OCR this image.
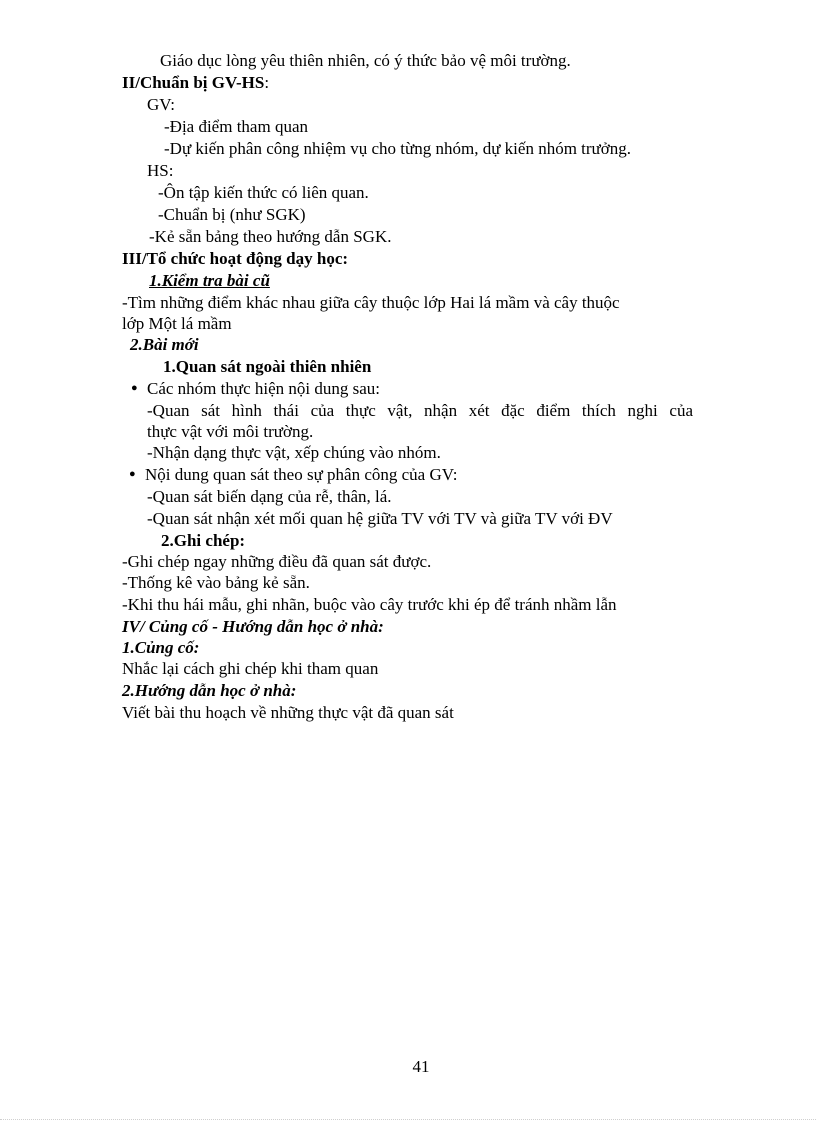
Giáo dục lòng yêu thiên nhiên, có ý thức bảo vệ môi trường.
II/Chuẩn bị GV-HS:
GV:
-Địa điểm tham quan
-Dự kiến phân công nhiệm vụ cho từng nhóm, dự kiến nhóm trưởng.
HS:
-Ôn tập kiến thức có liên quan.
-Chuẩn bị (như SGK)
-Kẻ sẵn bảng theo hướng dẫn SGK.
III/Tổ chức hoạt động dạy học:
1.Kiểm tra bài cũ
-Tìm những điểm khác nhau giữa cây thuộc lớp Hai lá mầm và cây thuộc
lớp Một lá mầm
2.Bài mới
1.Quan sát ngoài thiên nhiên
● Các nhóm thực hiện nội dung sau:
-Quan sát hình thái của thực vật, nhận xét đặc điểm thích nghi của
thực vật với môi trường.
-Nhận dạng thực vật, xếp chúng vào nhóm.
● Nội dung quan sát theo sự phân công của GV:
-Quan sát biến dạng của rễ, thân, lá.
-Quan sát nhận xét mối quan hệ giữa TV với TV và giữa TV với ĐV
2.Ghi chép:
-Ghi chép ngay những điều đã quan sát được.
-Thống kê vào bảng kẻ sẵn.
-Khi thu hái mẫu, ghi nhãn, buộc vào cây trước khi ép để tránh nhầm lẫn
IV/ Củng cố - Hướng dẫn học ở nhà:
1.Củng cố:
Nhắc lại cách ghi chép khi tham quan
2.Hướng dẫn học ở nhà:
Viết bài thu hoạch về những thực vật đã quan sát
41
